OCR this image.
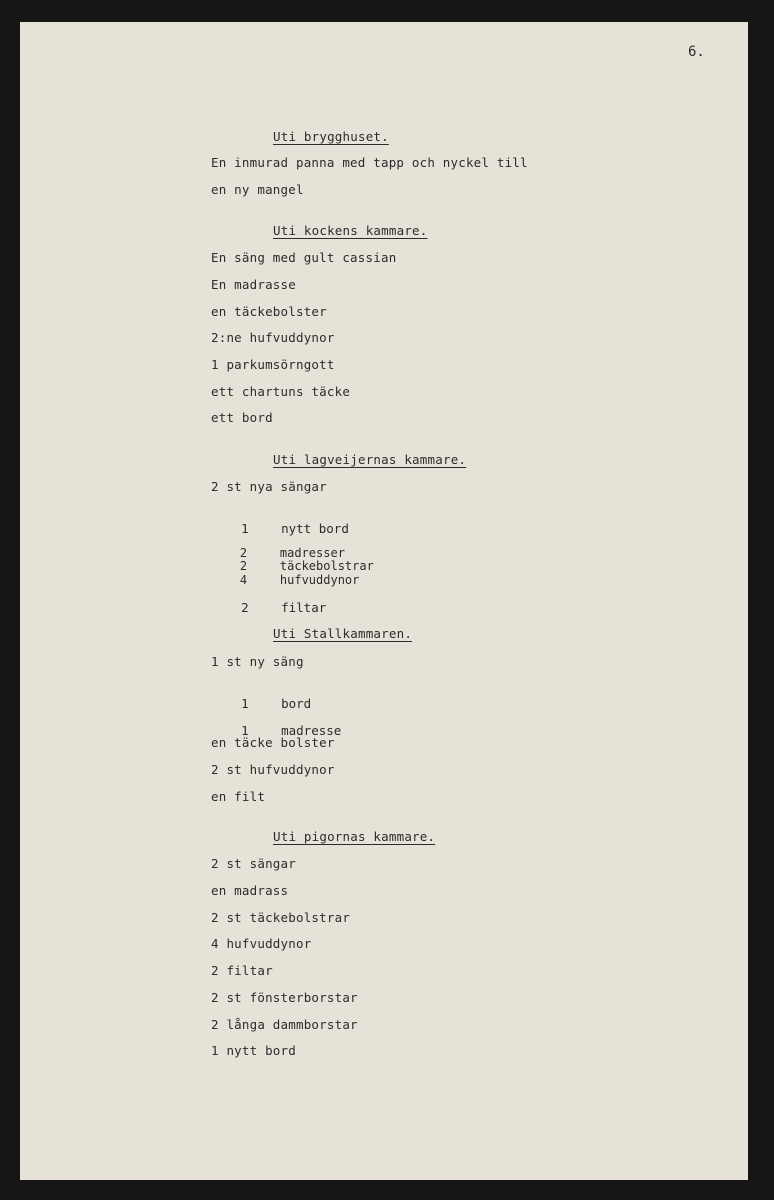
6.
Uti brygghuset.
En inmurad panna med tapp och nyckel till
en ny mangel
Uti kockens kammare.
En säng med gult cassian
En madrasse
en täckebolster
2:ne hufvuddynor
1 parkumsörngott
ett chartuns täcke
ett bord
Uti lagveijernas kammare.
2 st nya sängar

1	nytt bord

2	madresser

2	täckebolstrar

4	hufvuddynor

2	filtar

Uti Stallkammaren.
1 st ny säng

1	bord

1	madresse

en täcke bolster
2 st hufvuddynor
en filt
Uti pigornas kammare.
2 st sängar
en madrass
2 st täckebolstrar
4 hufvuddynor
2 filtar
2 st fönsterborstar
2 långa dammborstar
1 nytt bord
